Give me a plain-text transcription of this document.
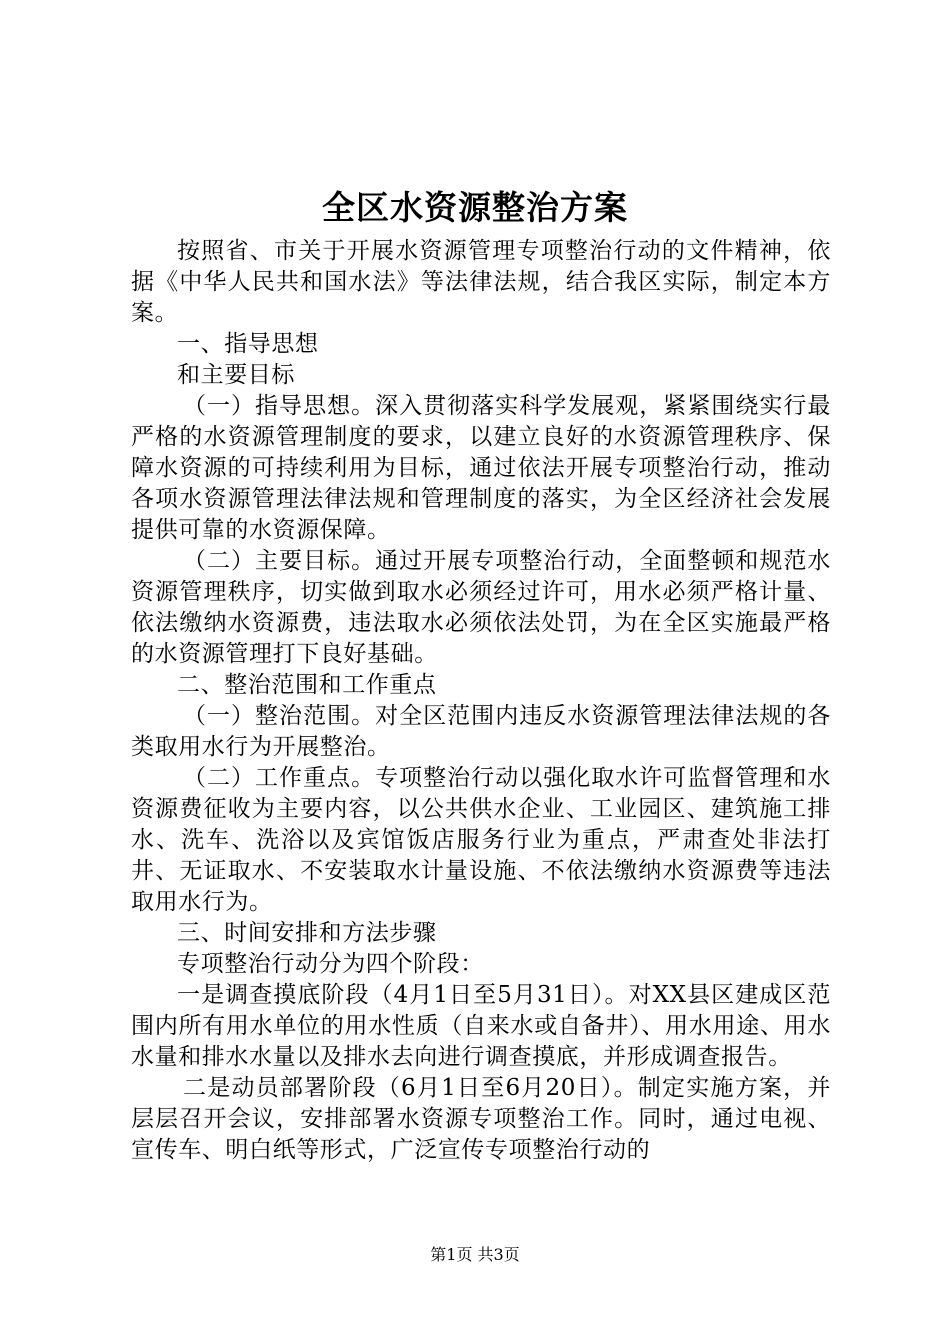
全区水资源整治方案

按照省、市关于开展水资源管理专项整治行动的文件精神，依据《中华人民共和国水法》等法律法规，结合我区实际，制定本方案。

一、指导思想

和主要目标

（一）指导思想。深入贯彻落实科学发展观，紧紧围绕实行最严格的水资源管理制度的要求，以建立良好的水资源管理秩序、保障水资源的可持续利用为目标，通过依法开展专项整治行动，推动各项水资源管理法律法规和管理制度的落实，为全区经济社会发展提供可靠的水资源保障。

（二）主要目标。通过开展专项整治行动，全面整顿和规范水资源管理秩序，切实做到取水必须经过许可，用水必须严格计量、依法缴纳水资源费，违法取水必须依法处罚，为在全区实施最严格的水资源管理打下良好基础。

二、整治范围和工作重点

（一）整治范围。对全区范围内违反水资源管理法律法规的各类取用水行为开展整治。

（二）工作重点。专项整治行动以强化取水许可监督管理和水资源费征收为主要内容，以公共供水企业、工业园区、建筑施工排水、洗车、洗浴以及宾馆饭店服务行业为重点，严肃查处非法打井、无证取水、不安装取水计量设施、不依法缴纳水资源费等违法取用水行为。

三、时间安排和方法步骤

专项整治行动分为四个阶段：

一是调查摸底阶段（4月1日至5月31日）。对XX县区建成区范围内所有用水单位的用水性质（自来水或自备井）、用水用途、用水水量和排水水量以及排水去向进行调查摸底，并形成调查报告。

二是动员部署阶段（6月1日至6月20日）。制定实施方案，并层层召开会议，安排部署水资源专项整治工作。同时，通过电视、宣传车、明白纸等形式，广泛宣传专项整治行动的

第1页 共3页
